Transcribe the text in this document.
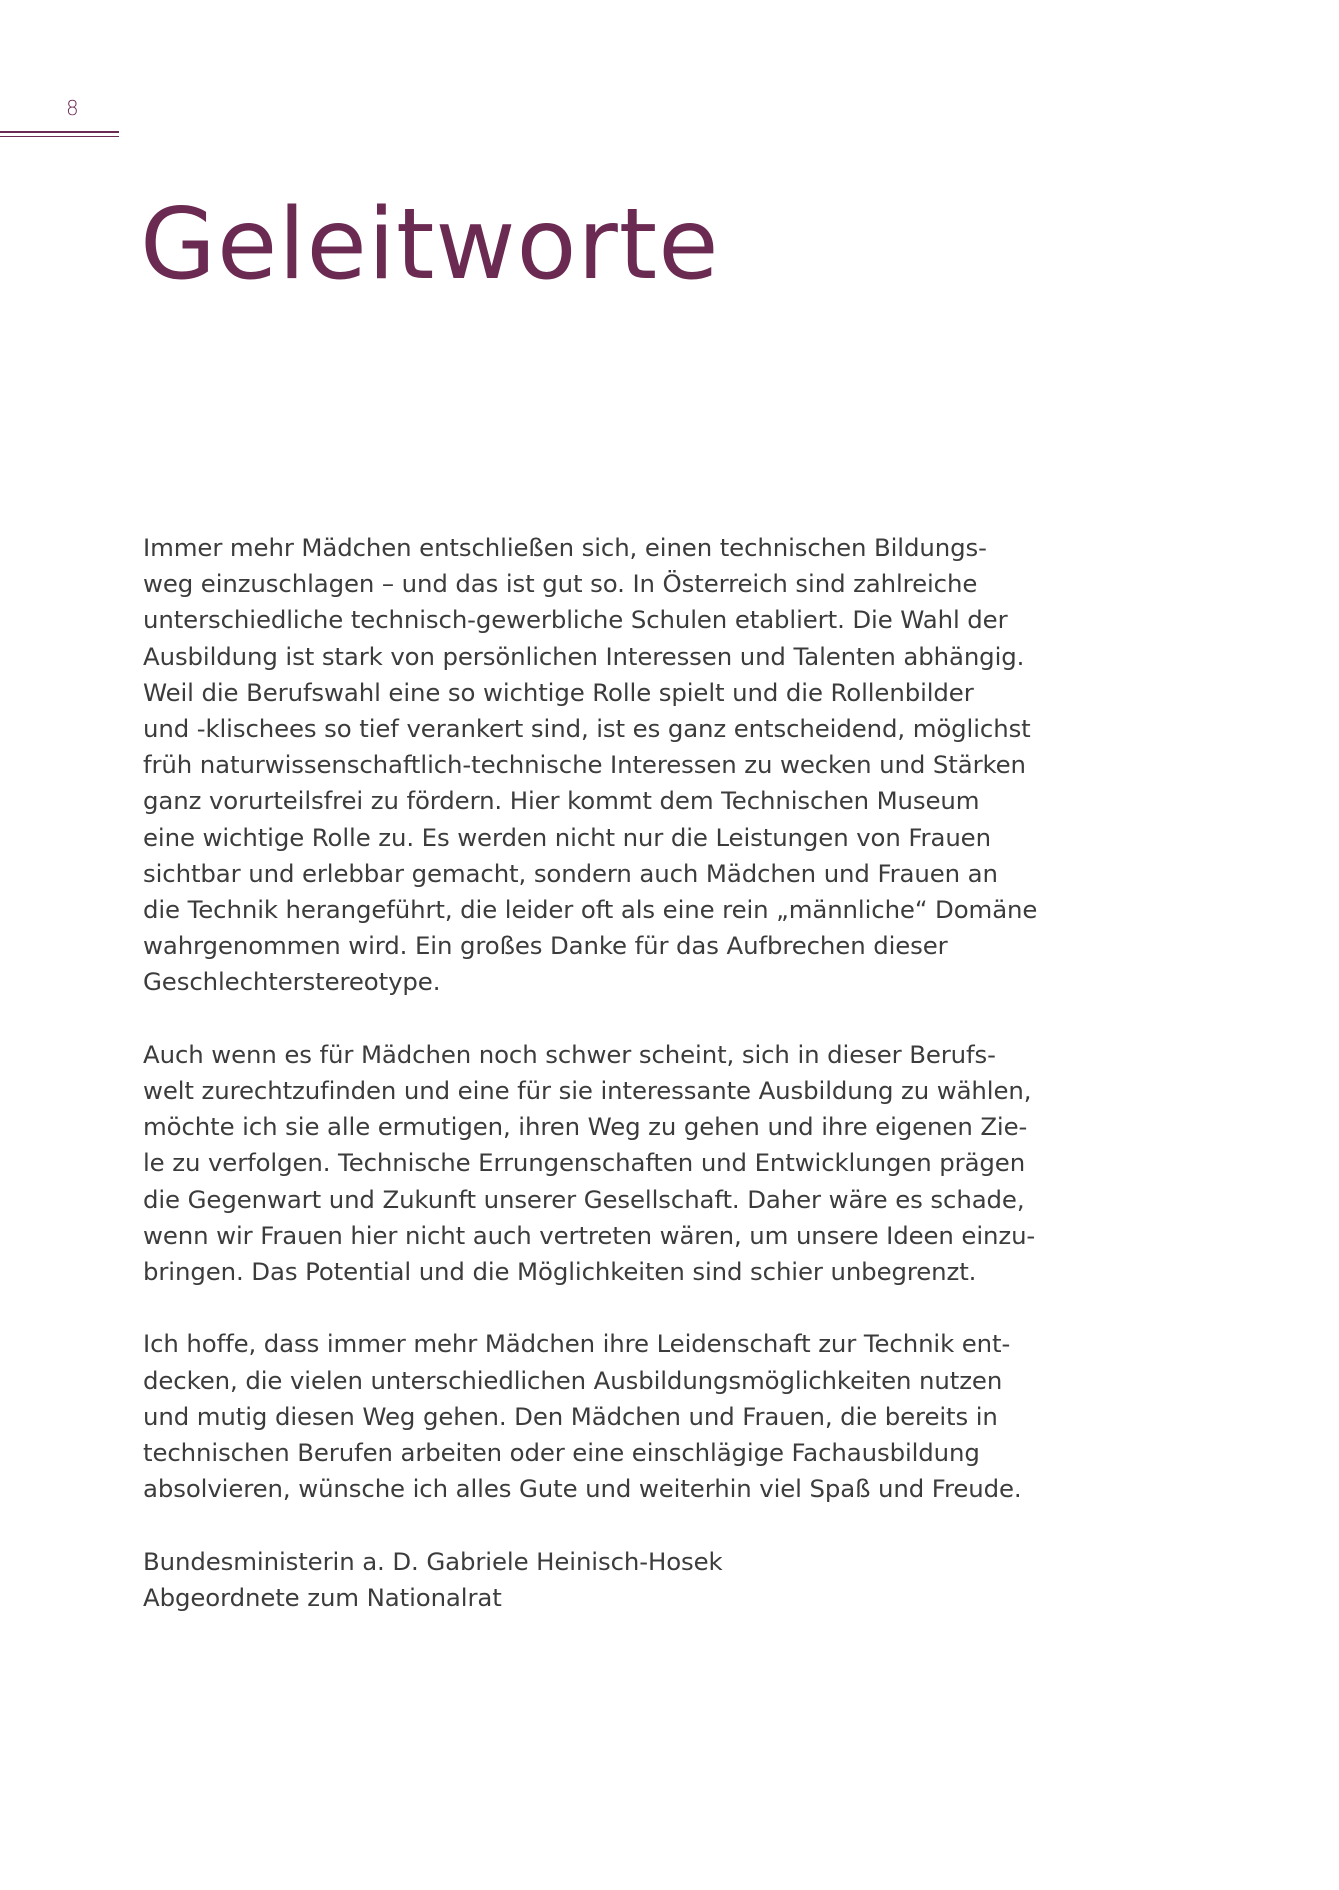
8
Geleitworte

Immer mehr Mädchen entschließen sich, einen technischen Bildungs-
weg einzuschlagen – und das ist gut so. In Österreich sind zahlreiche
unterschiedliche technisch-gewerbliche Schulen etabliert. Die Wahl der
Ausbildung ist stark von persönlichen Interessen und Talenten abhängig.
Weil die Berufswahl eine so wichtige Rolle spielt und die Rollenbilder
und -klischees so tief verankert sind, ist es ganz entscheidend, möglichst
früh naturwissenschaftlich-technische Interessen zu wecken und Stärken
ganz vorurteilsfrei zu fördern. Hier kommt dem Technischen Museum
eine wichtige Rolle zu. Es werden nicht nur die Leistungen von Frauen
sichtbar und erlebbar gemacht, sondern auch Mädchen und Frauen an
die Technik herangeführt, die leider oft als eine rein „männliche“ Domäne
wahrgenommen wird. Ein großes Danke für das Aufbrechen dieser
Geschlechterstereotype.

Auch wenn es für Mädchen noch schwer scheint, sich in dieser Berufs-
welt zurechtzufinden und eine für sie interessante Ausbildung zu wählen,
möchte ich sie alle ermutigen, ihren Weg zu gehen und ihre eigenen Zie-
le zu verfolgen. Technische Errungenschaften und Entwicklungen prägen
die Gegenwart und Zukunft unserer Gesellschaft. Daher wäre es schade,
wenn wir Frauen hier nicht auch vertreten wären, um unsere Ideen einzu-
bringen. Das Potential und die Möglichkeiten sind schier unbegrenzt.

Ich hoffe, dass immer mehr Mädchen ihre Leidenschaft zur Technik ent-
decken, die vielen unterschiedlichen Ausbildungsmöglichkeiten nutzen
und mutig diesen Weg gehen. Den Mädchen und Frauen, die bereits in
technischen Berufen arbeiten oder eine einschlägige Fachausbildung
absolvieren, wünsche ich alles Gute und weiterhin viel Spaß und Freude.

Bundesministerin a. D. Gabriele Heinisch-Hosek
Abgeordnete zum Nationalrat
